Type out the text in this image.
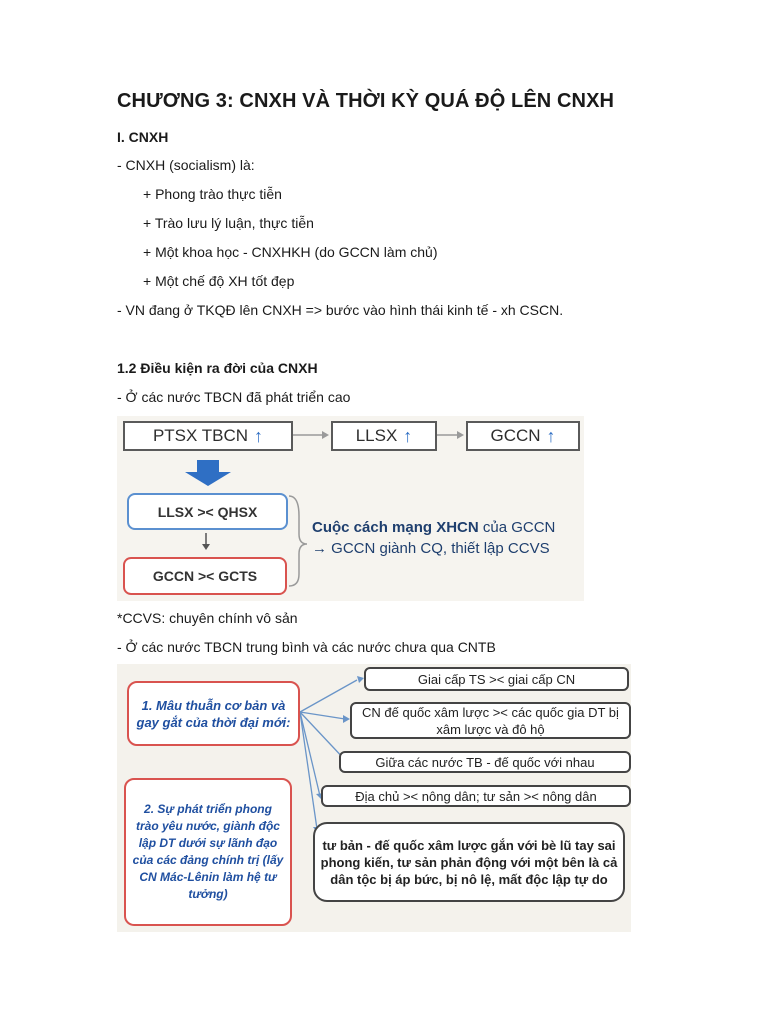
CHƯƠNG 3: CNXH VÀ THỜI KỲ QUÁ ĐỘ LÊN CNXH
I. CNXH
- CNXH (socialism) là:
+ Phong trào thực tiễn
+ Trào lưu lý luận, thực tiễn
+ Một khoa học - CNXHKH (do GCCN làm chủ)
+ Một chế độ XH tốt đẹp
- VN đang ở TKQĐ lên CNXH => bước vào hình thái kinh tế - xh CSCN.
1.2 Điều kiện ra đời của CNXH
- Ở các nước TBCN đã phát triển cao
PTSX TBCN ↑	LLSX ↑	GCCN ↑
LLSX >< QHSX
GCCN >< GCTS
Cuộc cách mạng XHCN của GCCN
→ GCCN giành CQ, thiết lập CCVS
*CCVS: chuyên chính vô sản
- Ở các nước TBCN trung bình và các nước chưa qua CNTB
1. Mâu thuẫn cơ bản và gay gắt của thời đại mới:
2. Sự phát triển phong trào yêu nước, giành độc lập DT dưới sự lãnh đạo của các đảng chính trị (lấy CN Mác-Lênin làm hệ tư tưởng)
Giai cấp TS >< giai cấp CN
CN đế quốc xâm lược >< các quốc gia DT bị xâm lược và đô hộ
Giữa các nước TB - đế quốc với nhau
Địa chủ >< nông dân; tư sản >< nông dân
tư bản - đế quốc xâm lược gắn với bè lũ tay sai phong kiến, tư sản phản động với một bên là cả dân tộc bị áp bức, bị nô lệ, mất độc lập tự do
